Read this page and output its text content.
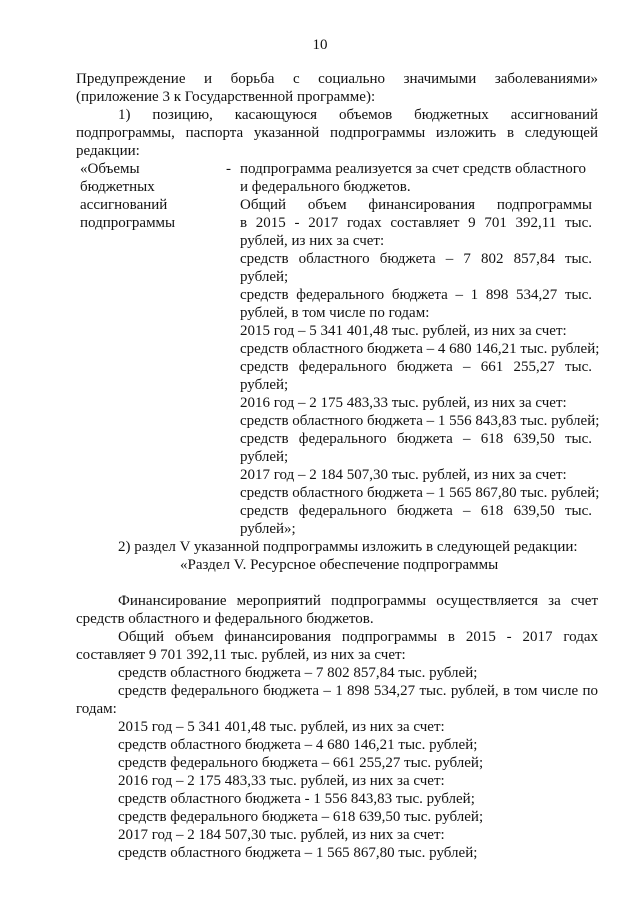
10
Предупреждение и борьба с социально значимыми заболеваниями»
(приложение 3 к Государственной программе):
1) позицию, касающуюся объемов бюджетных ассигнований
подпрограммы, паспорта указанной подпрограммы изложить в следующей
редакции:
«Объемы
бюджетных
ассигнований
подпрограммы
- подпрограмма реализуется за счет средств областного
и федерального бюджетов.
Общий объем финансирования подпрограммы
в 2015 - 2017 годах составляет 9 701 392,11 тыс.
рублей, из них за счет:
средств областного бюджета – 7 802 857,84 тыс.
рублей;
средств федерального бюджета – 1 898 534,27 тыс.
рублей, в том числе по годам:
2015 год – 5 341 401,48 тыс. рублей, из них за счет:
средств областного бюджета – 4 680 146,21 тыс. рублей;
средств федерального бюджета – 661 255,27 тыс.
рублей;
2016 год – 2 175 483,33 тыс. рублей, из них за счет:
средств областного бюджета – 1 556 843,83 тыс. рублей;
средств федерального бюджета – 618 639,50 тыс.
рублей;
2017 год – 2 184 507,30 тыс. рублей, из них за счет:
средств областного бюджета – 1 565 867,80 тыс. рублей;
средств федерального бюджета – 618 639,50 тыс.
рублей»;
2) раздел V указанной подпрограммы изложить в следующей редакции:
«Раздел V. Ресурсное обеспечение подпрограммы
Финансирование мероприятий подпрограммы осуществляется за счет
средств областного и федерального бюджетов.
Общий объем финансирования подпрограммы в 2015 - 2017 годах
составляет 9 701 392,11 тыс. рублей, из них за счет:
средств областного бюджета – 7 802 857,84 тыс. рублей;
средств федерального бюджета – 1 898 534,27 тыс. рублей, в том числе по
годам:
2015 год – 5 341 401,48 тыс. рублей, из них за счет:
средств областного бюджета – 4 680 146,21 тыс. рублей;
средств федерального бюджета – 661 255,27 тыс. рублей;
2016 год – 2 175 483,33 тыс. рублей, из них за счет:
средств областного бюджета - 1 556 843,83 тыс. рублей;
средств федерального бюджета – 618 639,50 тыс. рублей;
2017 год – 2 184 507,30 тыс. рублей, из них за счет:
средств областного бюджета – 1 565 867,80 тыс. рублей;
